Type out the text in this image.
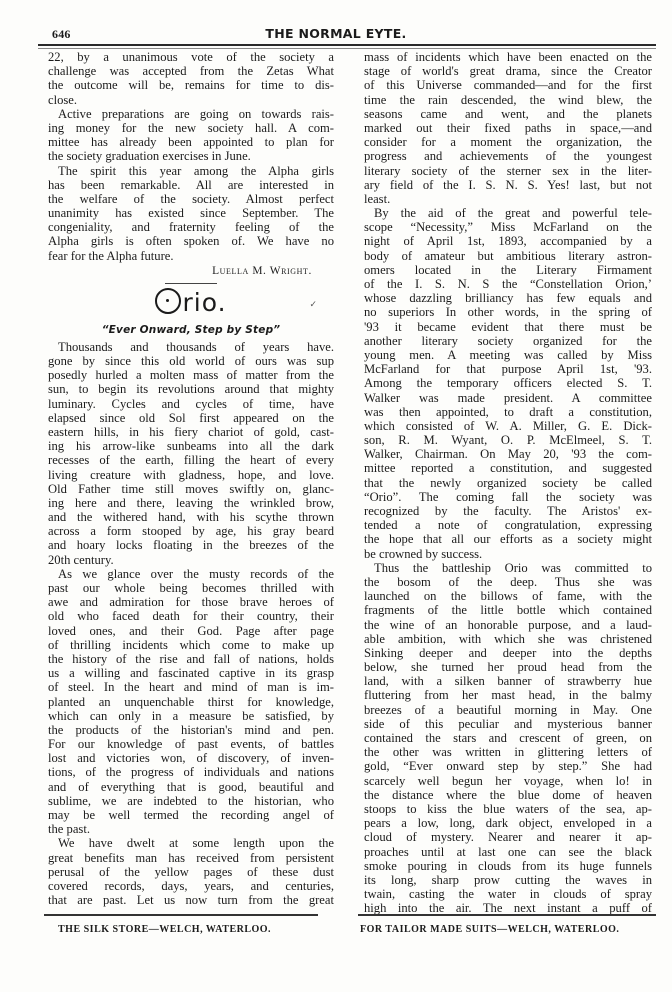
646	THE NORMAL EYTE.
22, by a unanimous vote of the society a
challenge was accepted from the Zetas What
the outcome will be, remains for time to dis-
close.
Active preparations are going on towards rais-
ing money for the new society hall. A com-
mittee has already been appointed to plan for
the society graduation exercises in June.
The spirit this year among the Alpha girls
has been remarkable. All are interested in
the welfare of the society. Almost perfect
unanimity has existed since September. The
congeniality, and fraternity feeling of the
Alpha girls is often spoken of. We have no
fear for the Alpha future.
Luella M. Wright.
rio.	✓
“Ever Onward, Step by Step”
Thousands and thousands of years have.
gone by since this old world of ours was sup
posedly hurled a molten mass of matter from the
sun, to begin its revolutions around that mighty
luminary. Cycles and cycles of time, have
elapsed since old Sol first appeared on the
eastern hills, in his fiery chariot of gold, cast-
ing his arrow-like sunbeams into all the dark
recesses of the earth, filling the heart of every
living creature with gladness, hope, and love.
Old Father time still moves swiftly on, glanc-
ing here and there, leaving the wrinkled brow,
and the withered hand, with his scythe thrown
across a form stooped by age, his gray beard
and hoary locks floating in the breezes of the
20th century.
As we glance over the musty records of the
past our whole being becomes thrilled with
awe and admiration for those brave heroes of
old who faced death for their country, their
loved ones, and their God. Page after page
of thrilling incidents which come to make up
the history of the rise and fall of nations, holds
us a willing and fascinated captive in its grasp
of steel. In the heart and mind of man is im-
planted an unquenchable thirst for knowledge,
which can only in a measure be satisfied, by
the products of the historian's mind and pen.
For our knowledge of past events, of battles
lost and victories won, of discovery, of inven-
tions, of the progress of individuals and nations
and of everything that is good, beautiful and
sublime, we are indebted to the historian, who
may be well termed the recording angel of
the past.
We have dwelt at some length upon the
great benefits man has received from persistent
perusal of the yellow pages of these dust
covered records, days, years, and centuries,
that are past. Let us now turn from the great
mass of incidents which have been enacted on the
stage of world's great drama, since the Creator
of this Universe commanded—and for the first
time the rain descended, the wind blew, the
seasons came and went, and the planets
marked out their fixed paths in space,—and
consider for a moment the organization, the
progress and achievements of the youngest
literary society of the sterner sex in the liter-
ary field of the I. S. N. S. Yes! last, but not
least.
By the aid of the great and powerful tele-
scope “Necessity,” Miss McFarland on the
night of April 1st, 1893, accompanied by a
body of amateur but ambitious literary astron-
omers located in the Literary Firmament
of the I. S. N. S the “Constellation Orion,’
whose dazzling brilliancy has few equals and
no superiors In other words, in the spring of
'93 it became evident that there must be
another literary society organized for the
young men. A meeting was called by Miss
McFarland for that purpose April 1st, '93.
Among the temporary officers elected S. T.
Walker was made president. A committee
was then appointed, to draft a constitution,
which consisted of W. A. Miller, G. E. Dick-
son, R. M. Wyant, O. P. McElmeel, S. T.
Walker, Chairman. On May 20, '93 the com-
mittee reported a constitution, and suggested
that the newly organized society be called
“Orio”. The coming fall the society was
recognized by the faculty. The Aristos' ex-
tended a note of congratulation, expressing
the hope that all our efforts as a society might
be crowned by success.
Thus the battleship Orio was committed to
the bosom of the deep. Thus she was
launched on the billows of fame, with the
fragments of the little bottle which contained
the wine of an honorable purpose, and a laud-
able ambition, with which she was christened
Sinking deeper and deeper into the depths
below, she turned her proud head from the
land, with a silken banner of strawberry hue
fluttering from her mast head, in the balmy
breezes of a beautiful morning in May. One
side of this peculiar and mysterious banner
contained the stars and crescent of green, on
the other was written in glittering letters of
gold, “Ever onward step by step.” She had
scarcely well begun her voyage, when lo! in
the distance where the blue dome of heaven
stoops to kiss the blue waters of the sea, ap-
pears a low, long, dark object, enveloped in a
cloud of mystery. Nearer and nearer it ap-
proaches until at last one can see the black
smoke pouring in clouds from its huge funnels
its long, sharp prow cutting the waves in
twain, casting the water in clouds of spray
high into the air. The next instant a puff of
THE SILK STORE—WELCH, WATERLOO.	FOR TAILOR MADE SUITS—WELCH, WATERLOO.
